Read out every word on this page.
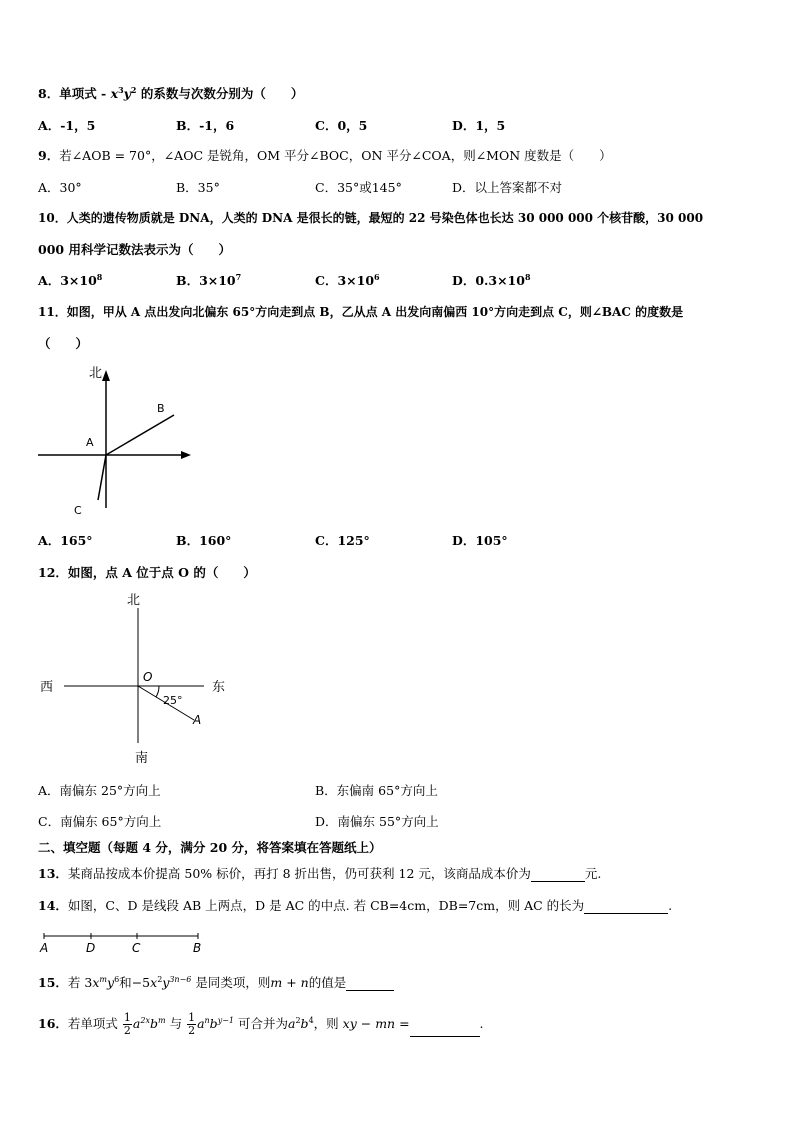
8．单项式 - $x^3y^2$ 的系数与次数分别为（　　）
A．-1，5	B．-1，6	C．0，5	D．1，5
9．若∠AOB = 70°，∠AOC 是锐角，OM 平分∠BOC，ON 平分∠COA，则∠MON 度数是（　　）
A．30°	B．35°	C．35°或145°	D．以上答案都不对
10．人类的遗传物质就是 DNA，人类的 DNA 是很长的链，最短的 22 号染色体也长达 30 000 000 个核苷酸，30 000
000 用科学记数法表示为（　　）
A．$3\times 10^8$	B．$3\times 10^7$	C．$3\times 10^6$	D．$0.3\times 10^8$
11．如图，甲从 A 点出发向北偏东 65°方向走到点 B，乙从点 A 出发向南偏西 10°方向走到点 C，则∠BAC 的度数是
（　　）
北
B
A
C
A．165°	B．160°	C．125°	D．105°
12．如图，点 A 位于点 O 的（　　）
北
西	东
南
O
25°
A
A．南偏东 25°方向上	B．东偏南 65°方向上
C．南偏东 65°方向上	D．南偏东 55°方向上
二、填空题（每题 4 分，满分 20 分，将答案填在答题纸上）
13．某商品按成本价提高 50% 标价，再打 8 折出售，仍可获利 12 元，该商品成本价为	元.
14．如图，C、D 是线段 AB 上两点，D 是 AC 的中点. 若 CB=4cm，DB=7cm，则 AC 的长为	.
A	D	C	B
15．若 $3x^my^6$和$-5x^2y^{3n-6}$ 是同类项，则m + n的值是
16．若单项式 $\frac{1}{2} a^{2x}b^m$ 与 $\frac{1}{2} a^nb^{y-1}$ 可合并为$a^2b^4$，则 xy − mn =	.
